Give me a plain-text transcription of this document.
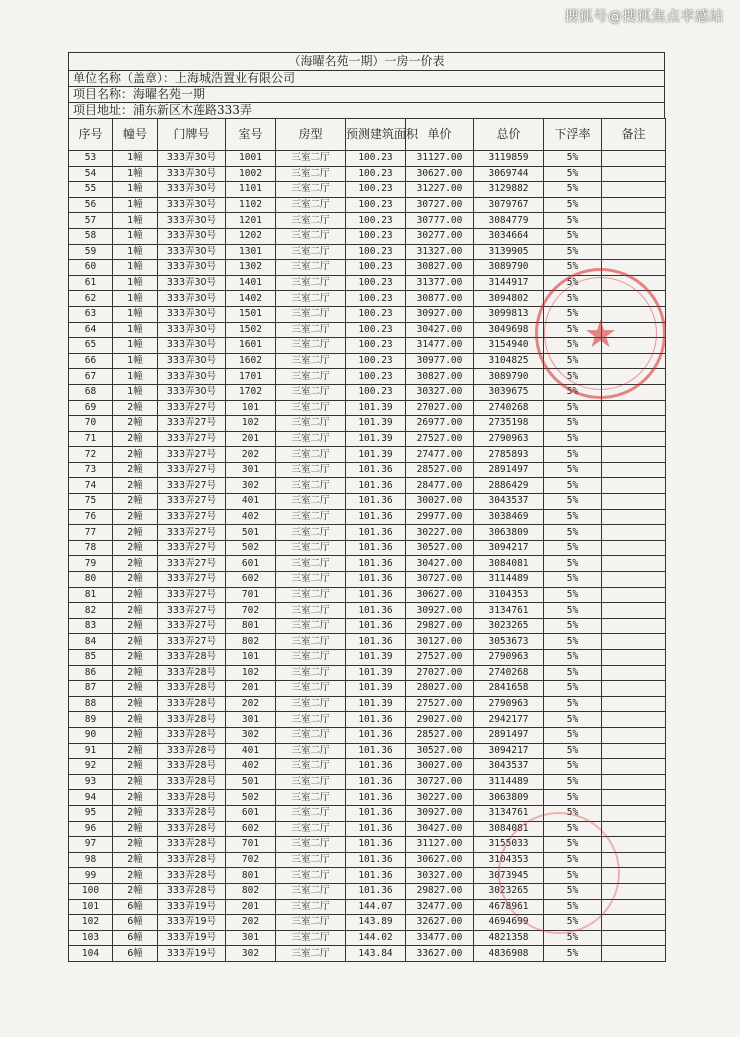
搜狐号@搜狐焦点孝感站
（海曜名苑一期）一房一价表
单位名称（盖章）：上海城浩置业有限公司
项目名称：海曜名苑一期
项目地址：浦东新区木莲路333弄
序号	幢号	门牌号	室号	房型	预测建筑面积	单价	总价	下浮率	备注
53	1幢	333弄30号	1001	三室二厅	100.23	31127.00	3119859	5%	
54	1幢	333弄30号	1002	三室二厅	100.23	30627.00	3069744	5%	
55	1幢	333弄30号	1101	三室二厅	100.23	31227.00	3129882	5%	
56	1幢	333弄30号	1102	三室二厅	100.23	30727.00	3079767	5%	
57	1幢	333弄30号	1201	三室二厅	100.23	30777.00	3084779	5%	
58	1幢	333弄30号	1202	三室二厅	100.23	30277.00	3034664	5%	
59	1幢	333弄30号	1301	三室二厅	100.23	31327.00	3139905	5%	
60	1幢	333弄30号	1302	三室二厅	100.23	30827.00	3089790	5%	
61	1幢	333弄30号	1401	三室二厅	100.23	31377.00	3144917	5%	
62	1幢	333弄30号	1402	三室二厅	100.23	30877.00	3094802	5%	
63	1幢	333弄30号	1501	三室二厅	100.23	30927.00	3099813	5%	
64	1幢	333弄30号	1502	三室二厅	100.23	30427.00	3049698	5%	
65	1幢	333弄30号	1601	三室二厅	100.23	31477.00	3154940	5%	
66	1幢	333弄30号	1602	三室二厅	100.23	30977.00	3104825	5%	
67	1幢	333弄30号	1701	三室二厅	100.23	30827.00	3089790	5%	
68	1幢	333弄30号	1702	三室二厅	100.23	30327.00	3039675	5%	
69	2幢	333弄27号	101	三室二厅	101.39	27027.00	2740268	5%	
70	2幢	333弄27号	102	三室二厅	101.39	26977.00	2735198	5%	
71	2幢	333弄27号	201	三室二厅	101.39	27527.00	2790963	5%	
72	2幢	333弄27号	202	三室二厅	101.39	27477.00	2785893	5%	
73	2幢	333弄27号	301	三室二厅	101.36	28527.00	2891497	5%	
74	2幢	333弄27号	302	三室二厅	101.36	28477.00	2886429	5%	
75	2幢	333弄27号	401	三室二厅	101.36	30027.00	3043537	5%	
76	2幢	333弄27号	402	三室二厅	101.36	29977.00	3038469	5%	
77	2幢	333弄27号	501	三室二厅	101.36	30227.00	3063809	5%	
78	2幢	333弄27号	502	三室二厅	101.36	30527.00	3094217	5%	
79	2幢	333弄27号	601	三室二厅	101.36	30427.00	3084081	5%	
80	2幢	333弄27号	602	三室二厅	101.36	30727.00	3114489	5%	
81	2幢	333弄27号	701	三室二厅	101.36	30627.00	3104353	5%	
82	2幢	333弄27号	702	三室二厅	101.36	30927.00	3134761	5%	
83	2幢	333弄27号	801	三室二厅	101.36	29827.00	3023265	5%	
84	2幢	333弄27号	802	三室二厅	101.36	30127.00	3053673	5%	
85	2幢	333弄28号	101	三室二厅	101.39	27527.00	2790963	5%	
86	2幢	333弄28号	102	三室二厅	101.39	27027.00	2740268	5%	
87	2幢	333弄28号	201	三室二厅	101.39	28027.00	2841658	5%	
88	2幢	333弄28号	202	三室二厅	101.39	27527.00	2790963	5%	
89	2幢	333弄28号	301	三室二厅	101.36	29027.00	2942177	5%	
90	2幢	333弄28号	302	三室二厅	101.36	28527.00	2891497	5%	
91	2幢	333弄28号	401	三室二厅	101.36	30527.00	3094217	5%	
92	2幢	333弄28号	402	三室二厅	101.36	30027.00	3043537	5%	
93	2幢	333弄28号	501	三室二厅	101.36	30727.00	3114489	5%	
94	2幢	333弄28号	502	三室二厅	101.36	30227.00	3063809	5%	
95	2幢	333弄28号	601	三室二厅	101.36	30927.00	3134761	5%	
96	2幢	333弄28号	602	三室二厅	101.36	30427.00	3084081	5%	
97	2幢	333弄28号	701	三室二厅	101.36	31127.00	3155033	5%	
98	2幢	333弄28号	702	三室二厅	101.36	30627.00	3104353	5%	
99	2幢	333弄28号	801	三室二厅	101.36	30327.00	3073945	5%	
100	2幢	333弄28号	802	三室二厅	101.36	29827.00	3023265	5%	
101	6幢	333弄19号	201	三室二厅	144.07	32477.00	4678961	5%	
102	6幢	333弄19号	202	三室二厅	143.89	32627.00	4694699	5%	
103	6幢	333弄19号	301	三室二厅	144.02	33477.00	4821358	5%	
104	6幢	333弄19号	302	三室二厅	143.84	33627.00	4836908	5%	
★
